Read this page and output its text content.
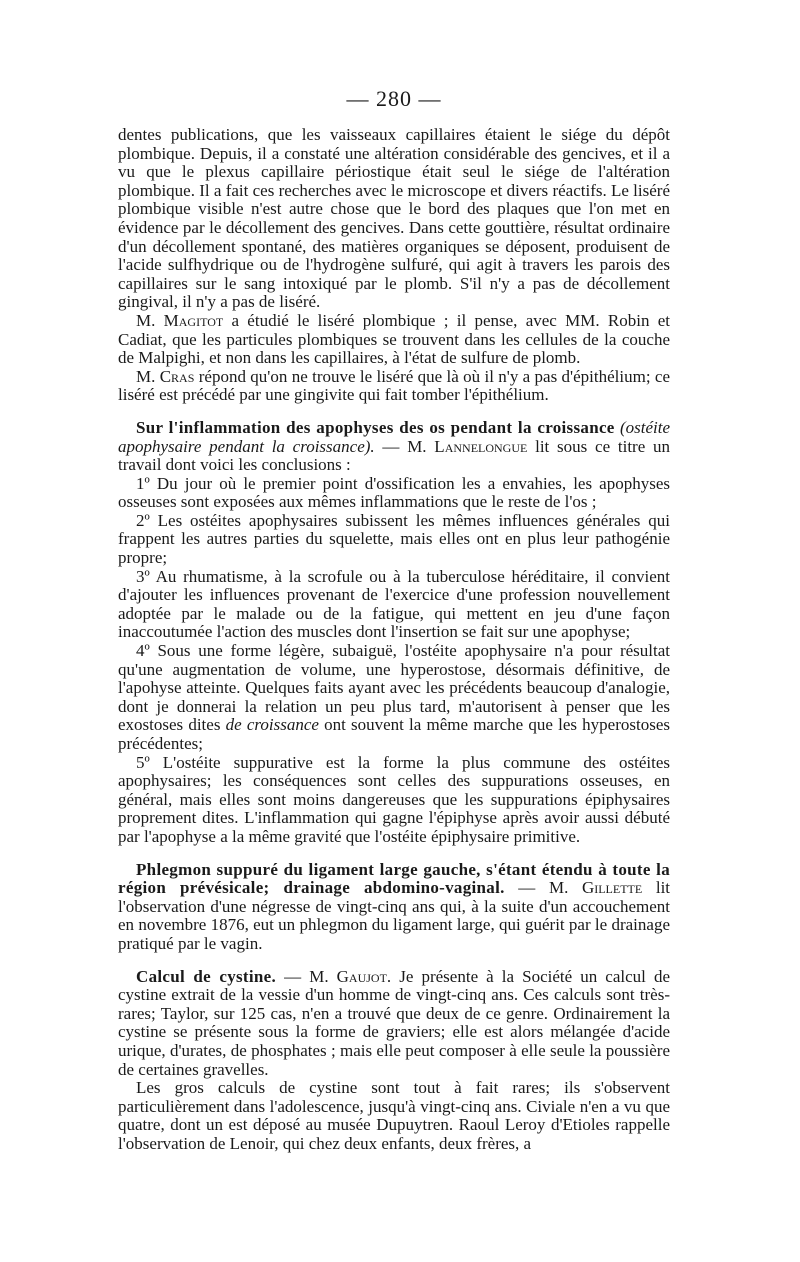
— 280 —

dentes publications, que les vaisseaux capillaires étaient le siége du dépôt plombique. Depuis, il a constaté une altération considérable des gencives, et il a vu que le plexus capillaire périostique était seul le siége de l'altération plombique. Il a fait ces recherches avec le microscope et divers réactifs. Le liséré plombique visible n'est autre chose que le bord des plaques que l'on met en évidence par le décollement des gencives. Dans cette gouttière, résultat ordinaire d'un décollement spontané, des matières organiques se déposent, produisent de l'acide sulfhydrique ou de l'hydrogène sulfuré, qui agit à travers les parois des capillaires sur le sang intoxiqué par le plomb. S'il n'y a pas de décollement gingival, il n'y a pas de liséré.

M. Magitot a étudié le liséré plombique ; il pense, avec MM. Robin et Cadiat, que les particules plombiques se trouvent dans les cellules de la couche de Malpighi, et non dans les capillaires, à l'état de sulfure de plomb.

M. Cras répond qu'on ne trouve le liséré que là où il n'y a pas d'épithélium; ce liséré est précédé par une gingivite qui fait tomber l'épithélium.

Sur l'inflammation des apophyses des os pendant la croissance (ostéite apophysaire pendant la croissance). — M. Lannelongue lit sous ce titre un travail dont voici les conclusions :

1º Du jour où le premier point d'ossification les a envahies, les apophyses osseuses sont exposées aux mêmes inflammations que le reste de l'os ;

2º Les ostéites apophysaires subissent les mêmes influences générales qui frappent les autres parties du squelette, mais elles ont en plus leur pathogénie propre;

3º Au rhumatisme, à la scrofule ou à la tuberculose héréditaire, il convient d'ajouter les influences provenant de l'exercice d'une profession nouvellement adoptée par le malade ou de la fatigue, qui mettent en jeu d'une façon inaccoutumée l'action des muscles dont l'insertion se fait sur une apophyse;

4º Sous une forme légère, subaiguë, l'ostéite apophysaire n'a pour résultat qu'une augmentation de volume, une hyperostose, désormais définitive, de l'apohyse atteinte. Quelques faits ayant avec les précédents beaucoup d'analogie, dont je donnerai la relation un peu plus tard, m'autorisent à penser que les exostoses dites de croissance ont souvent la même marche que les hyperostoses précédentes;

5º L'ostéite suppurative est la forme la plus commune des ostéites apophysaires; les conséquences sont celles des suppurations osseuses, en général, mais elles sont moins dangereuses que les suppurations épiphysaires proprement dites. L'inflammation qui gagne l'épiphyse après avoir aussi débuté par l'apophyse a la même gravité que l'ostéite épiphysaire primitive.

Phlegmon suppuré du ligament large gauche, s'étant étendu à toute la région prévésicale; drainage abdomino-vaginal. — M. Gillette lit l'observation d'une négresse de vingt-cinq ans qui, à la suite d'un accouchement en novembre 1876, eut un phlegmon du ligament large, qui guérit par le drainage pratiqué par le vagin.

Calcul de cystine. — M. Gaujot. Je présente à la Société un calcul de cystine extrait de la vessie d'un homme de vingt-cinq ans. Ces calculs sont très-rares; Taylor, sur 125 cas, n'en a trouvé que deux de ce genre. Ordinairement la cystine se présente sous la forme de graviers; elle est alors mélangée d'acide urique, d'urates, de phosphates ; mais elle peut composer à elle seule la poussière de certaines gravelles.

Les gros calculs de cystine sont tout à fait rares; ils s'observent particulièrement dans l'adolescence, jusqu'à vingt-cinq ans. Civiale n'en a vu que quatre, dont un est déposé au musée Dupuytren. Raoul Leroy d'Etioles rappelle l'observation de Lenoir, qui chez deux enfants, deux frères, a
